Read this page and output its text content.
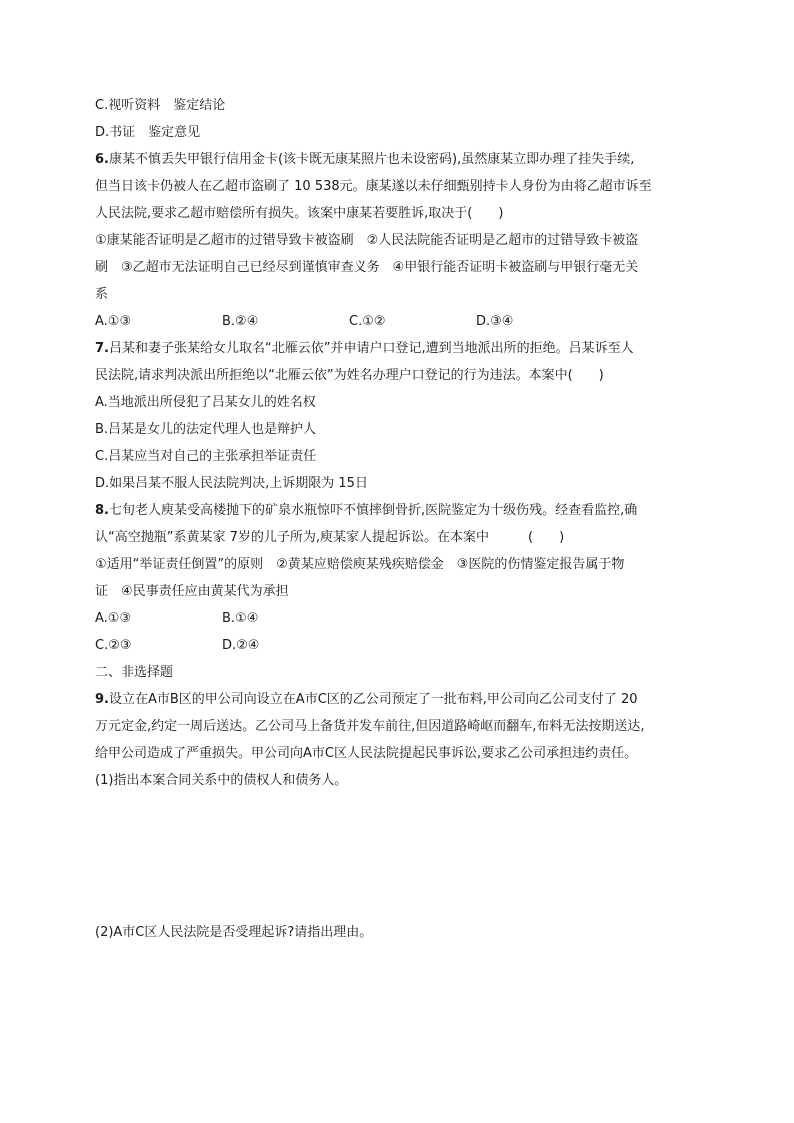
C.视听资料　鉴定结论
D.书证　鉴定意见
6.康某不慎丢失甲银行信用金卡(该卡既无康某照片也未设密码),虽然康某立即办理了挂失手续,
但当日该卡仍被人在乙超市盗刷了 10 538元。康某遂以未仔细甄别持卡人身份为由将乙超市诉至
人民法院,要求乙超市赔偿所有损失。该案中康某若要胜诉,取决于(　　)
①康某能否证明是乙超市的过错导致卡被盗刷　②人民法院能否证明是乙超市的过错导致卡被盗
刷　③乙超市无法证明自己已经尽到谨慎审查义务　④甲银行能否证明卡被盗刷与甲银行毫无关
系
A.①③	B.②④	C.①②	D.③④
7.吕某和妻子张某给女儿取名“北雁云依”并申请户口登记,遭到当地派出所的拒绝。吕某诉至人
民法院,请求判决派出所拒绝以“北雁云依”为姓名办理户口登记的行为违法。本案中(　　)
A.当地派出所侵犯了吕某女儿的姓名权
B.吕某是女儿的法定代理人也是辩护人
C.吕某应当对自己的主张承担举证责任
D.如果吕某不服人民法院判决,上诉期限为 15日
8.七旬老人庾某受高楼抛下的矿泉水瓶惊吓不慎摔倒骨折,医院鉴定为十级伤残。经查看监控,确
认“高空抛瓶”系黄某家 7岁的儿子所为,庾某家人提起诉讼。在本案中　　　(　　)
①适用“举证责任倒置”的原则　②黄某应赔偿庾某残疾赔偿金　③医院的伤情鉴定报告属于物
证　④民事责任应由黄某代为承担
A.①③	B.①④
C.②③	D.②④
二、非选择题
9.设立在A市B区的甲公司向设立在A市C区的乙公司预定了一批布料,甲公司向乙公司支付了 20
万元定金,约定一周后送达。乙公司马上备货并发车前往,但因道路崎岖而翻车,布料无法按期送达,
给甲公司造成了严重损失。甲公司向A市C区人民法院提起民事诉讼,要求乙公司承担违约责任。
(1)指出本案合同关系中的债权人和债务人。
(2)A市C区人民法院是否受理起诉?请指出理由。
